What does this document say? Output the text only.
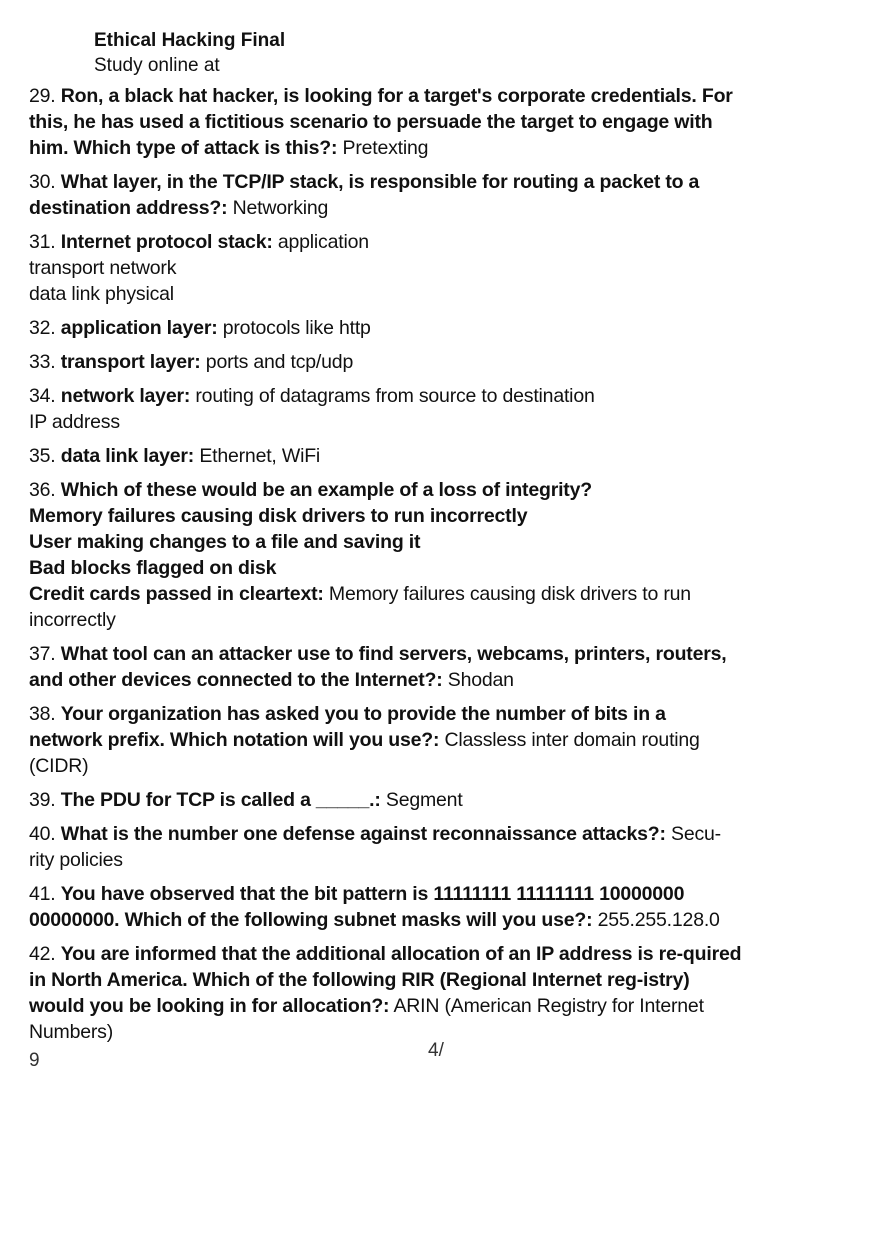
Ethical Hacking Final
Study online at
29. Ron, a black hat hacker, is looking for a target's corporate credentials. For this, he has used a fictitious scenario to persuade the target to engage with him. Which type of attack is this?: Pretexting
30. What layer, in the TCP/IP stack, is responsible for routing a packet to a destination address?: Networking
31. Internet protocol stack: application
transport network
data link physical
32. application layer: protocols like http
33. transport layer: ports and tcp/udp
34. network layer: routing of datagrams from source to destination
IP address
35. data link layer: Ethernet, WiFi
36. Which of these would be an example of a loss of integrity?
Memory failures causing disk drivers to run incorrectly
User making changes to a file and saving it
Bad blocks flagged on disk
Credit cards passed in cleartext: Memory failures causing disk drivers to run incorrectly
37. What tool can an attacker use to find servers, webcams, printers, routers, and other devices connected to the Internet?: Shodan
38. Your organization has asked you to provide the number of bits in a network prefix. Which notation will you use?: Classless inter domain routing (CIDR)
39. The PDU for TCP is called a _____.: Segment
40. What is the number one defense against reconnaissance attacks?: Secu-rity policies
41. You have observed that the bit pattern is 11111111 11111111 10000000 00000000. Which of the following subnet masks will you use?: 255.255.128.0
42. You are informed that the additional allocation of an IP address is re-quired in North America. Which of the following RIR (Regional Internet reg-istry) would you be looking in for allocation?: ARIN (American Registry for Internet Numbers)
4/
9
